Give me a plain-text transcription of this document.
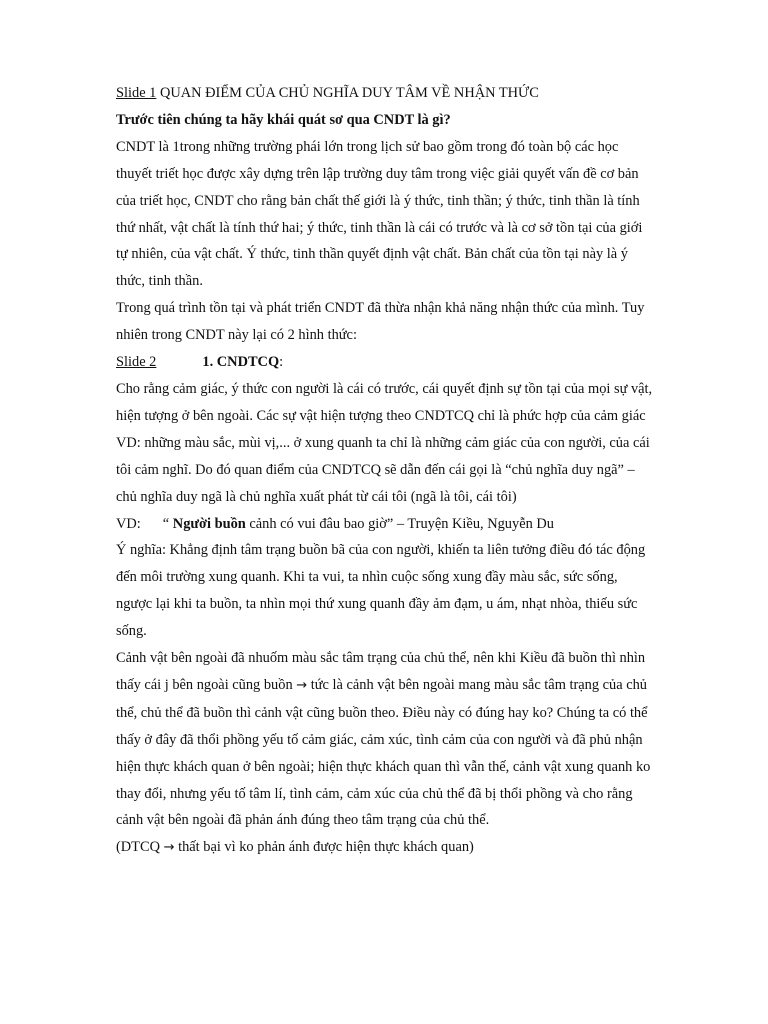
Slide 1 QUAN ĐIỂM CỦA CHỦ NGHĨA DUY TÂM VỀ NHẬN THỨC

Trước tiên chúng ta hãy khái quát sơ qua CNDT là gì?

CNDT là 1trong những trường phái lớn trong lịch sử bao gồm trong đó toàn bộ các học thuyết triết học được xây dựng trên lập trường duy tâm trong việc giải quyết vấn đề cơ bản của triết học, CNDT cho rằng bản chất thế giới là ý thức, tinh thần; ý thức, tinh thần là tính thứ nhất, vật chất là tính thứ hai; ý thức, tinh thần là cái có trước và là cơ sở tồn tại của giới tự nhiên, của vật chất. Ý thức, tinh thần quyết định vật chất. Bản chất của tồn tại này là ý thức, tinh thần.

Trong quá trình tồn tại và phát triển CNDT đã thừa nhận khả năng nhận thức của mình. Tuy nhiên trong CNDT này lại có 2 hình thức:

Slide 2	1. CNDTCQ:

Cho rằng cảm giác, ý thức con người là cái có trước, cái quyết định sự tồn tại của mọi sự vật, hiện tượng ở bên ngoài. Các sự vật hiện tượng theo CNDTCQ chỉ là phức hợp của cảm giác VD: những màu sắc, mùi vị,... ở xung quanh ta chỉ là những cảm giác của con người, của cái tôi cảm nghĩ. Do đó quan điểm của CNDTCQ sẽ dẫn đến cái gọi là “chủ nghĩa duy ngã” – chủ nghĩa duy ngã là chủ nghĩa xuất phát từ cái tôi (ngã là tôi, cái tôi)

VD: “ Người buồn cảnh có vui đâu bao giờ” – Truyện Kiều, Nguyễn Du

Ý nghĩa: Khẳng định tâm trạng buồn bã của con người, khiến ta liên tưởng điều đó tác động đến môi trường xung quanh. Khi ta vui, ta nhìn cuộc sống xung đầy màu sắc, sức sống, ngược lại khi ta buồn, ta nhìn mọi thứ xung quanh đầy ảm đạm, u ám, nhạt nhòa, thiếu sức sống.

Cảnh vật bên ngoài đã nhuốm màu sắc tâm trạng của chủ thể, nên khi Kiều đã buồn thì nhìn thấy cái j bên ngoài cũng buồn → tức là cảnh vật bên ngoài mang màu sắc tâm trạng của chủ thể, chủ thể đã buồn thì cảnh vật cũng buồn theo. Điều này có đúng hay ko? Chúng ta có thể thấy ở đây đã thổi phồng yếu tố cảm giác, cảm xúc, tình cảm của con người và đã phủ nhận hiện thực khách quan ở bên ngoài; hiện thực khách quan thì vẫn thế, cảnh vật xung quanh ko thay đổi, nhưng yếu tố tâm lí, tình cảm, cảm xúc của chủ thể đã bị thổi phồng và cho rằng cảnh vật bên ngoài đã phản ánh đúng theo tâm trạng của chủ thể.

(DTCQ → thất bại vì ko phản ánh được hiện thực khách quan)
